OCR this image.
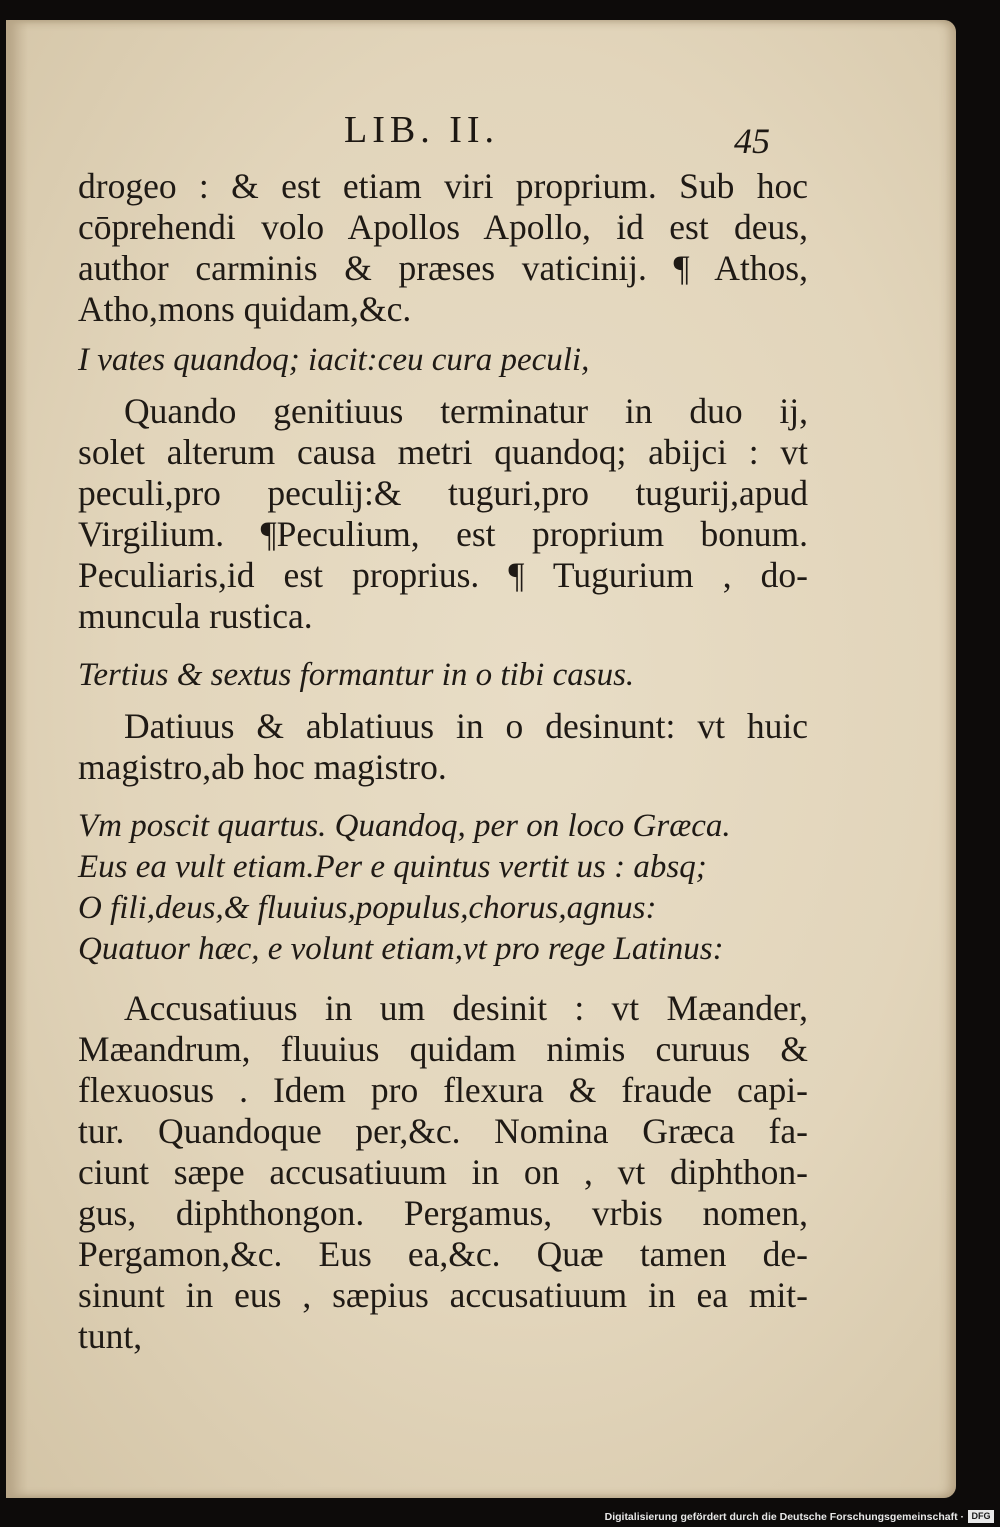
LIB. II.	45

drogeo : & est etiam viri proprium. Sub hoc
cōprehendi volo Apollos Apollo, id est deus,
author carminis & præses vaticinij. ¶ Athos,
Atho,mons quidam,&c.

I vates quandoq; iacit:ceu cura peculi,

Quando genitiuus terminatur in duo ij,
solet alterum causa metri quandoq; abijci : vt
peculi,pro peculij:& tuguri,pro tugurij,apud
Virgilium. ¶Peculium, est proprium bonum.
Peculiaris,id est proprius. ¶ Tugurium , do-
muncula rustica.

Tertius & sextus formantur in o tibi casus.

Datiuus & ablatiuus in o desinunt: vt huic
magistro,ab hoc magistro.

Vm poscit quartus. Quandoq, per on loco Græca.
Eus ea vult etiam.Per e quintus vertit us : absq;
O fili,deus,& fluuius,populus,chorus,agnus:
Quatuor hæc, e volunt etiam,vt pro rege Latinus:

Accusatiuus in um desinit : vt Mæander,
Mæandrum, fluuius quidam nimis curuus &
flexuosus . Idem pro flexura & fraude capi-
tur. Quandoque per,&c. Nomina Græca fa-
ciunt sæpe accusatiuum in on , vt diphthon-
gus, diphthongon. Pergamus, vrbis nomen,
Pergamon,&c. Eus ea,&c. Quæ tamen de-
sinunt in eus , sæpius accusatiuum in ea mit-
tunt,

Digitalisierung gefördert durch die Deutsche Forschungsgemeinschaft · DFG
